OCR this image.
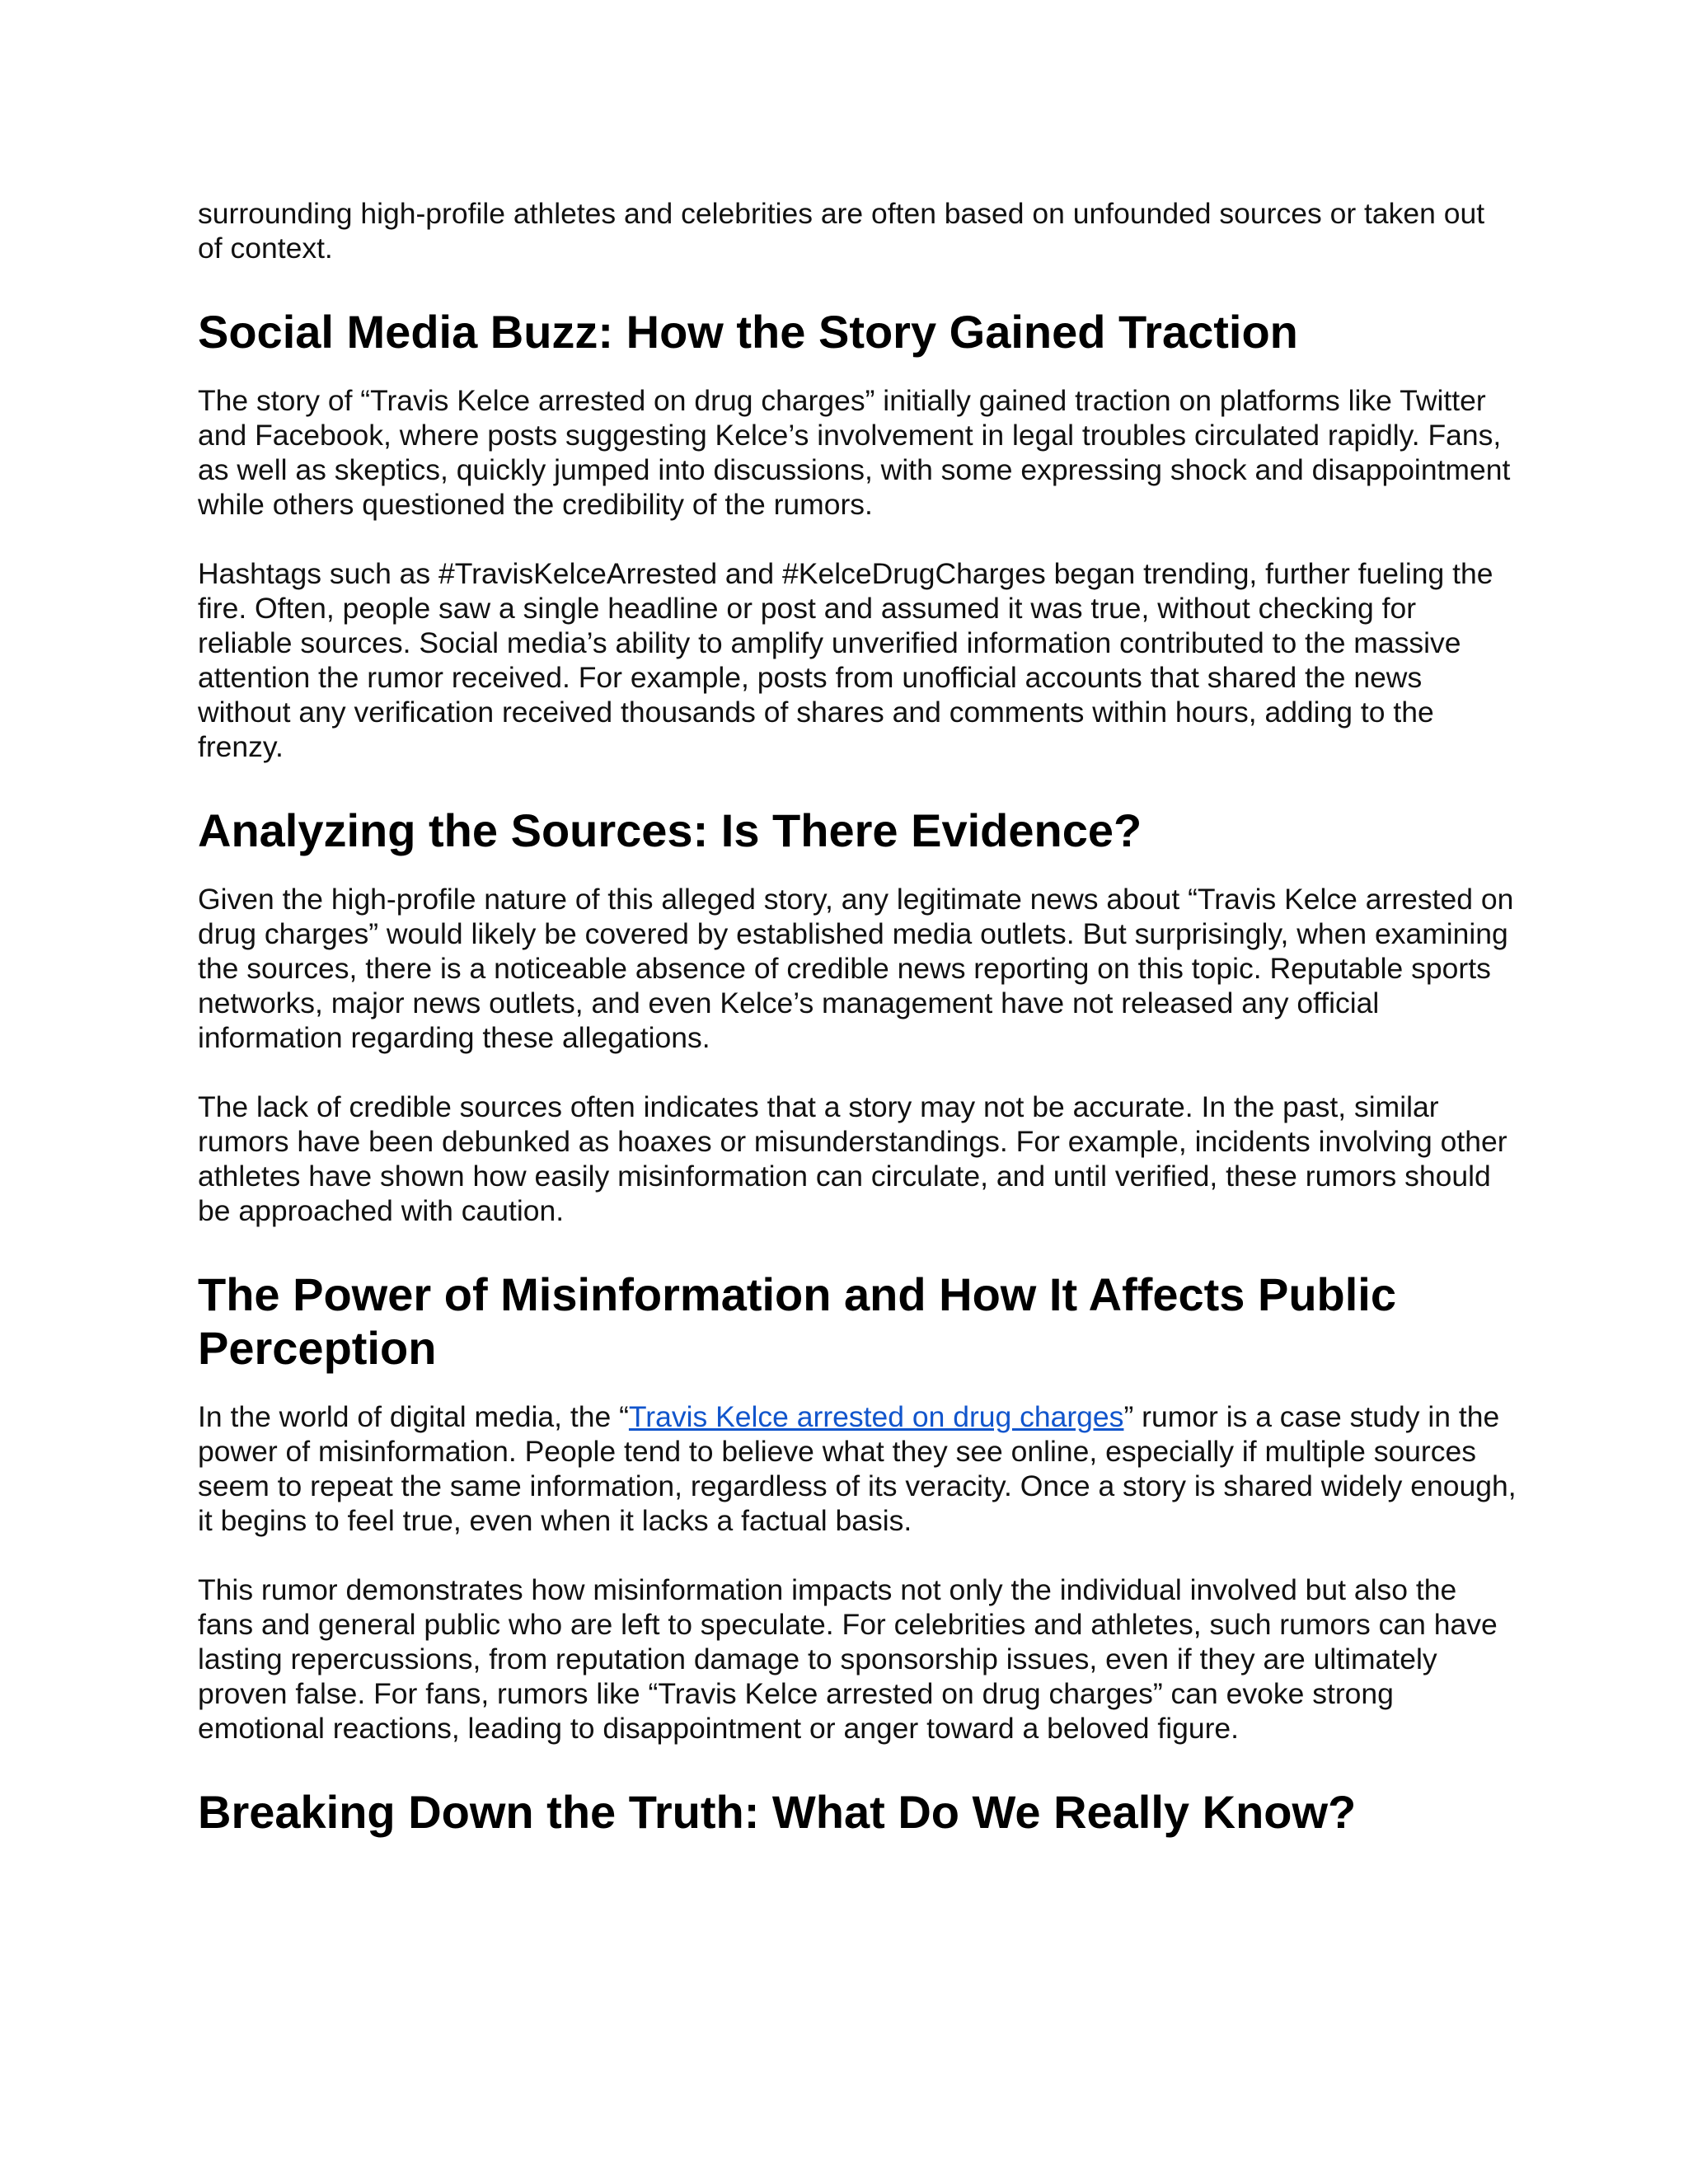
surrounding high-profile athletes and celebrities are often based on unfounded sources or taken out of context.

Social Media Buzz: How the Story Gained Traction

The story of “Travis Kelce arrested on drug charges” initially gained traction on platforms like Twitter and Facebook, where posts suggesting Kelce’s involvement in legal troubles circulated rapidly. Fans, as well as skeptics, quickly jumped into discussions, with some expressing shock and disappointment while others questioned the credibility of the rumors.

Hashtags such as #TravisKelceArrested and #KelceDrugCharges began trending, further fueling the fire. Often, people saw a single headline or post and assumed it was true, without checking for reliable sources. Social media’s ability to amplify unverified information contributed to the massive attention the rumor received. For example, posts from unofficial accounts that shared the news without any verification received thousands of shares and comments within hours, adding to the frenzy.

Analyzing the Sources: Is There Evidence?

Given the high-profile nature of this alleged story, any legitimate news about “Travis Kelce arrested on drug charges” would likely be covered by established media outlets. But surprisingly, when examining the sources, there is a noticeable absence of credible news reporting on this topic. Reputable sports networks, major news outlets, and even Kelce’s management have not released any official information regarding these allegations.

The lack of credible sources often indicates that a story may not be accurate. In the past, similar rumors have been debunked as hoaxes or misunderstandings. For example, incidents involving other athletes have shown how easily misinformation can circulate, and until verified, these rumors should be approached with caution.

The Power of Misinformation and How It Affects Public Perception

In the world of digital media, the “Travis Kelce arrested on drug charges” rumor is a case study in the power of misinformation. People tend to believe what they see online, especially if multiple sources seem to repeat the same information, regardless of its veracity. Once a story is shared widely enough, it begins to feel true, even when it lacks a factual basis.

This rumor demonstrates how misinformation impacts not only the individual involved but also the fans and general public who are left to speculate. For celebrities and athletes, such rumors can have lasting repercussions, from reputation damage to sponsorship issues, even if they are ultimately proven false. For fans, rumors like “Travis Kelce arrested on drug charges” can evoke strong emotional reactions, leading to disappointment or anger toward a beloved figure.

Breaking Down the Truth: What Do We Really Know?
